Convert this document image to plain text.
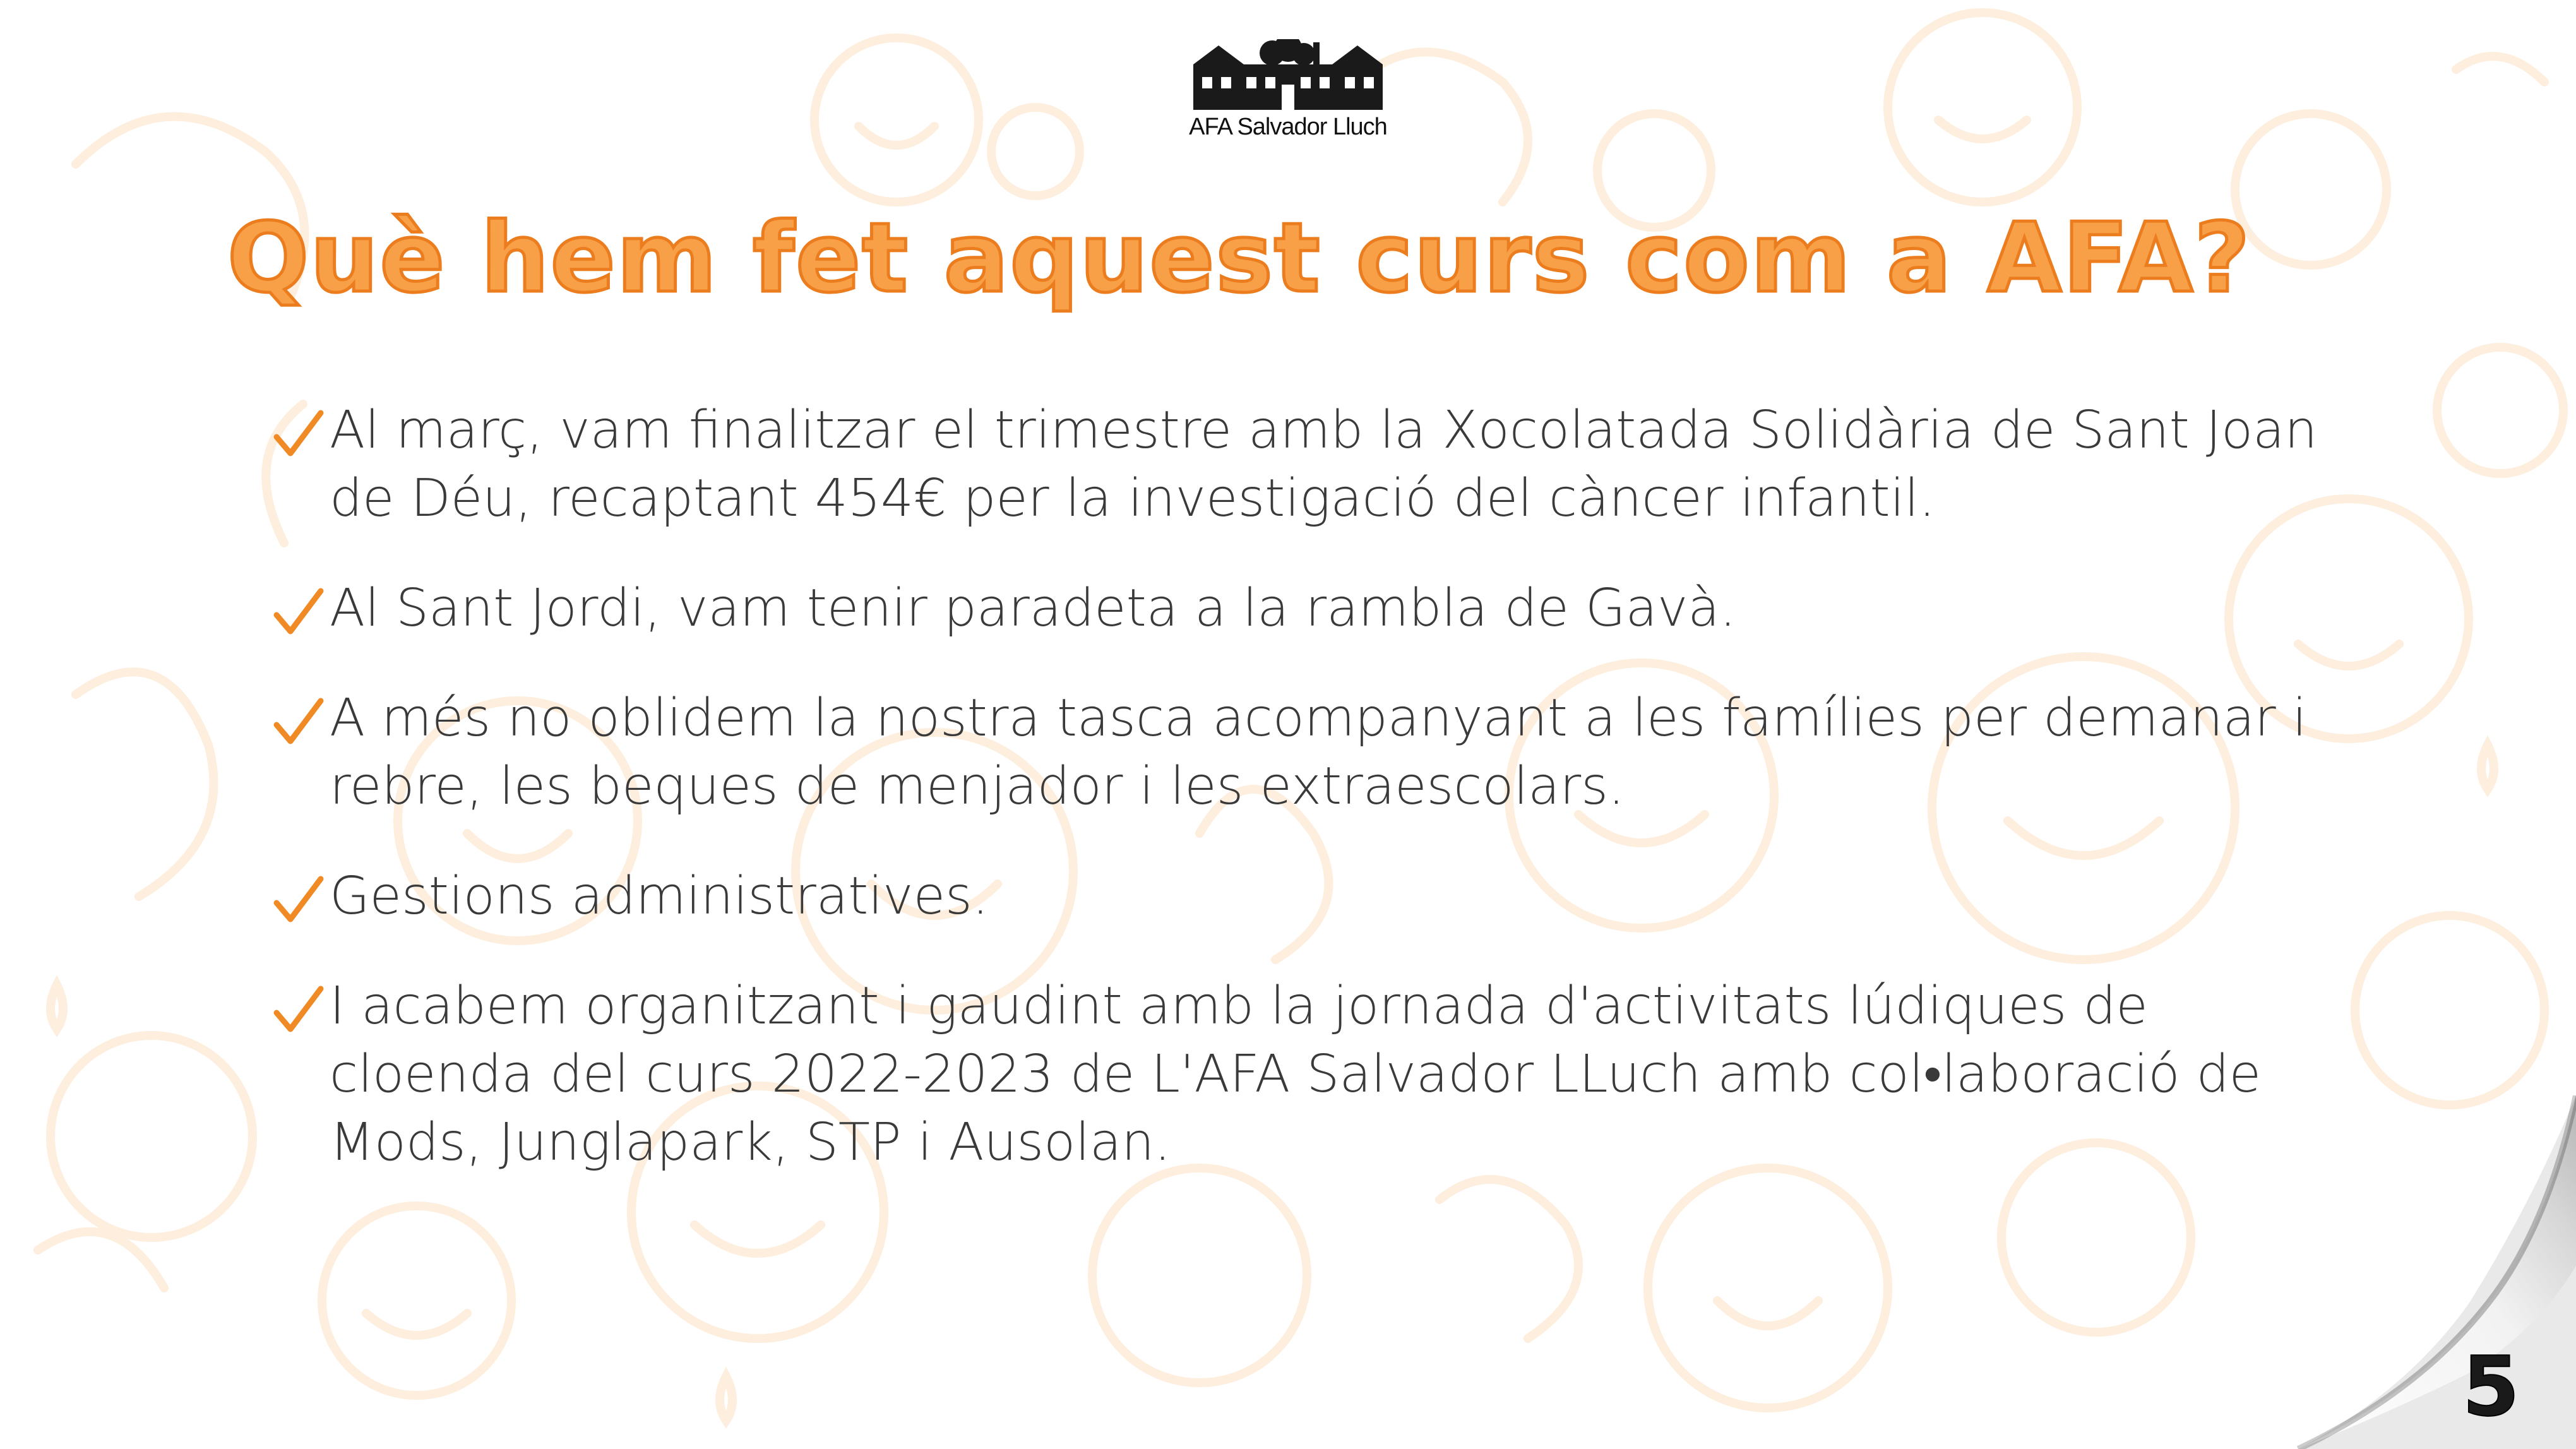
AFA Salvador Lluch
Què hem fet aquest curs com a AFA?
Al març, vam finalitzar el trimestre amb la Xocolatada Solidària de Sant Joan
de Déu, recaptant 454€ per la investigació del càncer infantil.
Al Sant Jordi, vam tenir paradeta a la rambla de Gavà.
A més no oblidem la nostra tasca acompanyant a les famílies per demanar i
rebre, les beques de menjador i les extraescolars.
Gestions administratives.
I acabem organitzant i gaudint amb la jornada d'activitats lúdiques de
cloenda del curs 2022-2023 de L'AFA Salvador LLuch amb col•laboració de
Mods, Junglapark, STP i Ausolan.
5
